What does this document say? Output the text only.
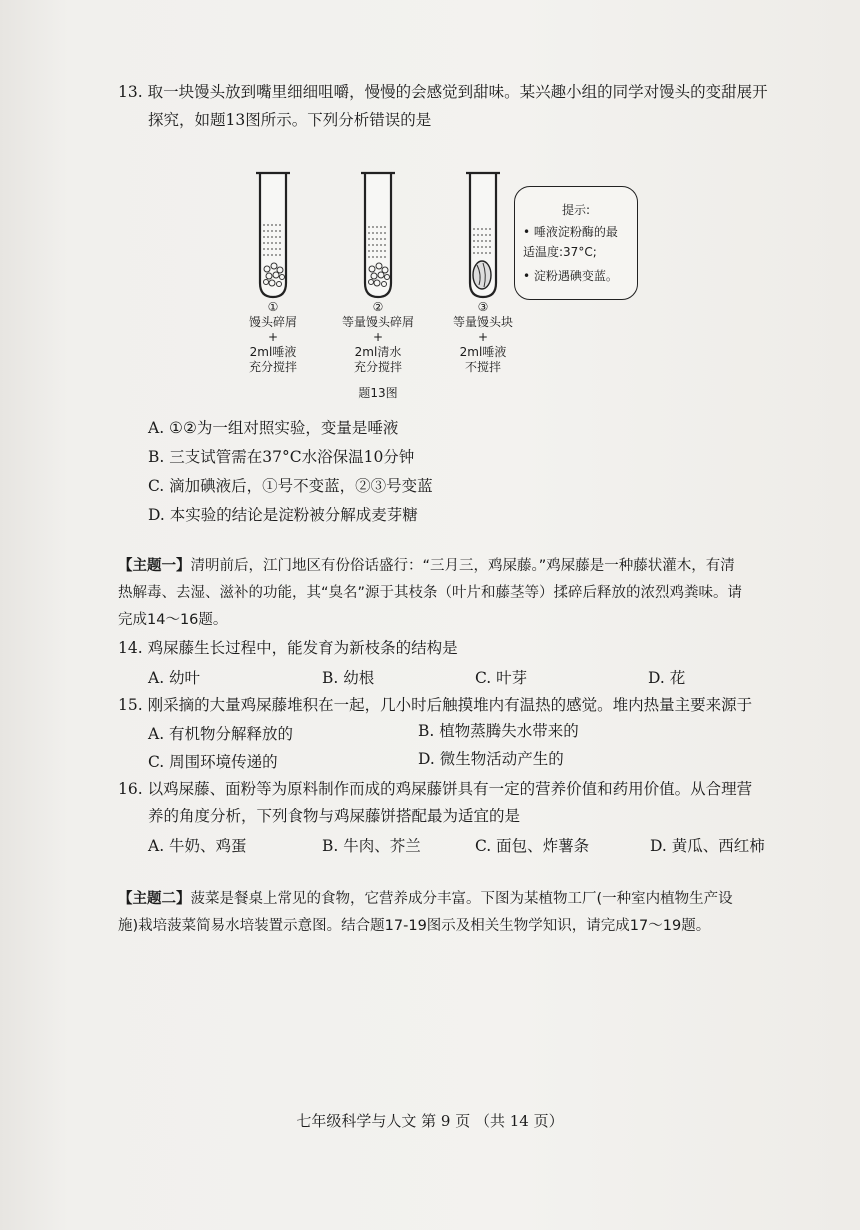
13. 取一块馒头放到嘴里细细咀嚼，慢慢的会感觉到甜味。某兴趣小组的同学对馒头的变甜展开
探究，如题13图所示。下列分析错误的是
①
馒头碎屑
+
2ml唾液
充分搅拌
②
等量馒头碎屑
+
2ml清水
充分搅拌
③
等量馒头块
+
2ml唾液
不搅拌
题13图
提示:
• 唾液淀粉酶的最
适温度:37°C;
• 淀粉遇碘变蓝。
A. ①②为一组对照实验，变量是唾液
B. 三支试管需在37°C水浴保温10分钟
C. 滴加碘液后，①号不变蓝，②③号变蓝
D. 本实验的结论是淀粉被分解成麦芽糖
【主题一】清明前后，江门地区有份俗话盛行：“三月三，鸡屎藤。”鸡屎藤是一种藤状灌木，有清
热解毒、去湿、滋补的功能，其“臭名”源于其枝条（叶片和藤茎等）揉碎后释放的浓烈鸡粪味。请
完成14～16题。
14. 鸡屎藤生长过程中，能发育为新枝条的结构是
A. 幼叶	B. 幼根	C. 叶芽	D. 花
15. 刚采摘的大量鸡屎藤堆积在一起，几小时后触摸堆内有温热的感觉。堆内热量主要来源于
A. 有机物分解释放的	B. 植物蒸腾失水带来的
C. 周围环境传递的	D. 微生物活动产生的
16. 以鸡屎藤、面粉等为原料制作而成的鸡屎藤饼具有一定的营养价值和药用价值。从合理营
养的角度分析，下列食物与鸡屎藤饼搭配最为适宜的是
A. 牛奶、鸡蛋	B. 牛肉、芥兰	C. 面包、炸薯条	D. 黄瓜、西红柿
【主题二】菠菜是餐桌上常见的食物，它营养成分丰富。下图为某植物工厂(一种室内植物生产设
施)栽培菠菜简易水培装置示意图。结合题17-19图示及相关生物学知识，请完成17～19题。
七年级科学与人文 第 9 页 （共 14 页）
